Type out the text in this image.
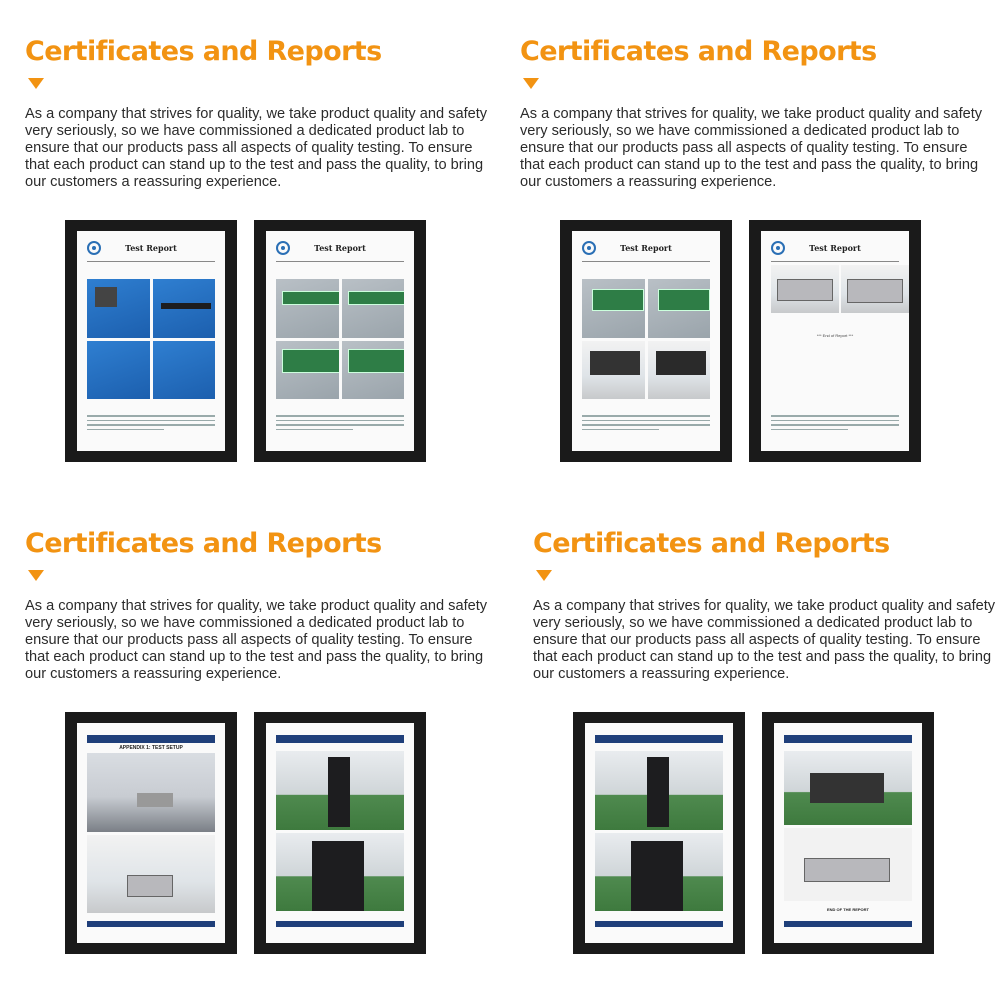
Certificates and Reports
As a company that strives for quality, we take product quality and safety very seriously, so we have commissioned a dedicated product lab to ensure that our products pass all aspects of quality testing. To ensure that each product can stand up to the test and pass the quality, to bring our customers a reassuring experience.
Test Report	Test Report
Certificates and Reports
As a company that strives for quality, we take product quality and safety very seriously, so we have commissioned a dedicated product lab to ensure that our products pass all aspects of quality testing. To ensure that each product can stand up to the test and pass the quality, to bring our customers a reassuring experience.
Test Report	Test Report
*** End of Report ***
Certificates and Reports
As a company that strives for quality, we take product quality and safety very seriously, so we have commissioned a dedicated product lab to ensure that our products pass all aspects of quality testing. To ensure that each product can stand up to the test and pass the quality, to bring our customers a reassuring experience.
APPENDIX 1: TEST SETUP
Certificates and Reports
As a company that strives for quality, we take product quality and safety very seriously, so we have commissioned a dedicated product lab to ensure that our products pass all aspects of quality testing. To ensure that each product can stand up to the test and pass the quality, to bring our customers a reassuring experience.
END OF THE REPORT
